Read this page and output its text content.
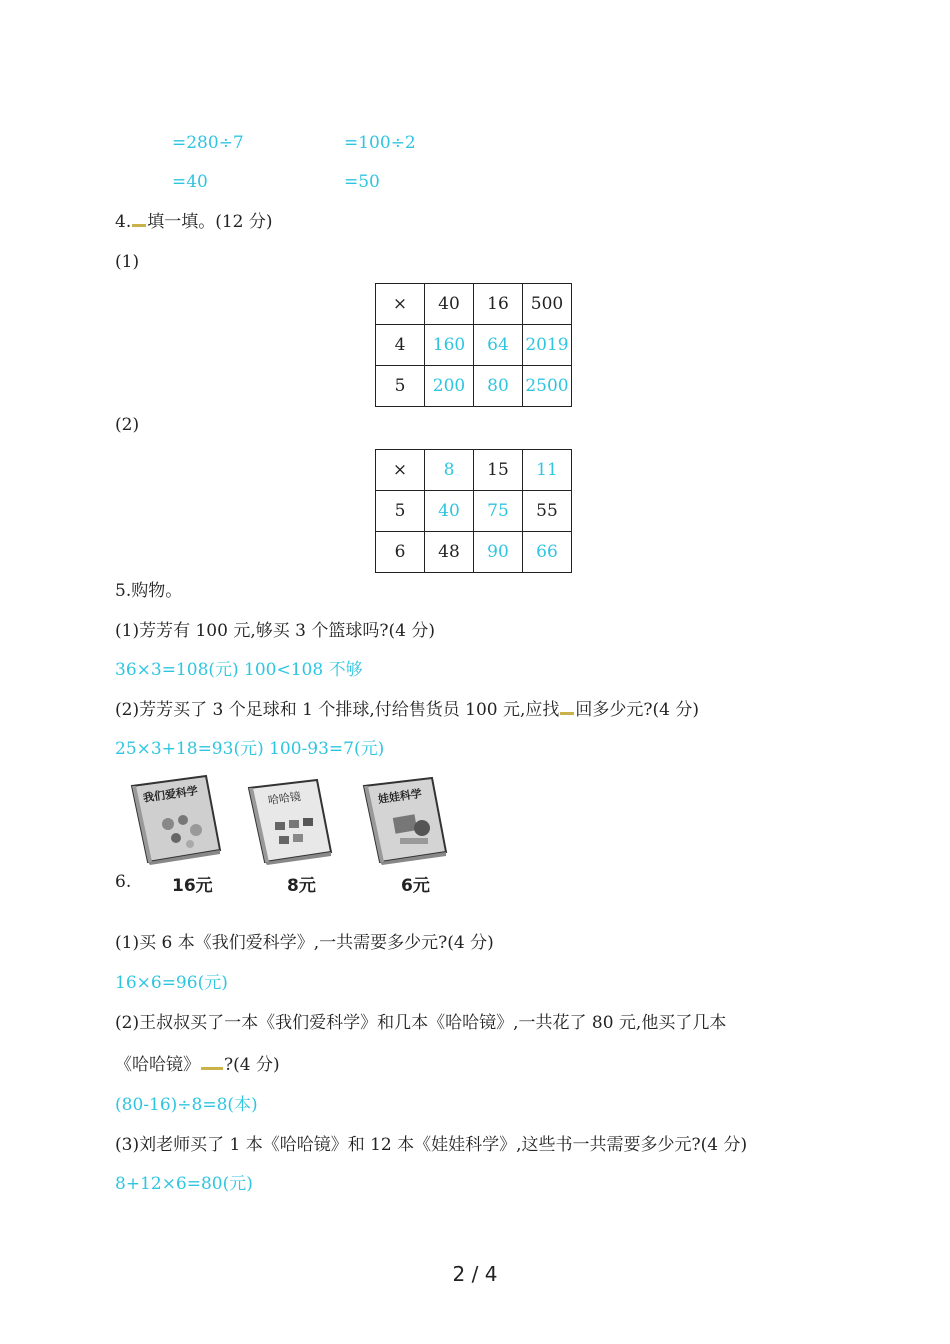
=280÷7
=40
=100÷2
=50
4. 填一填。(12 分)
(1)
×	40	16	500
4	160	64	2019
5	200	80	2500
(2)
×	8	15	11
5	40	75	55
6	48	90	66
5.购物。
(1)芳芳有 100 元,够买 3 个篮球吗?(4 分)
36×3=108(元) 100<108 不够
(2)芳芳买了 3 个足球和 1 个排球,付给售货员 100 元,应找 回多少元?(4 分)
25×3+18=93(元) 100-93=7(元)
我们爱科学	哈哈镜	娃娃科学
6. 16元	8元	6元
(1)买 6 本《我们爱科学》,一共需要多少元?(4 分)
16×6=96(元)
(2)王叔叔买了一本《我们爱科学》和几本《哈哈镜》,一共花了 80 元,他买了几本
《哈哈镜》 ?(4 分)
(80-16)÷8=8(本)
(3)刘老师买了 1 本《哈哈镜》和 12 本《娃娃科学》,这些书一共需要多少元?(4 分)
8+12×6=80(元)
2 / 4
